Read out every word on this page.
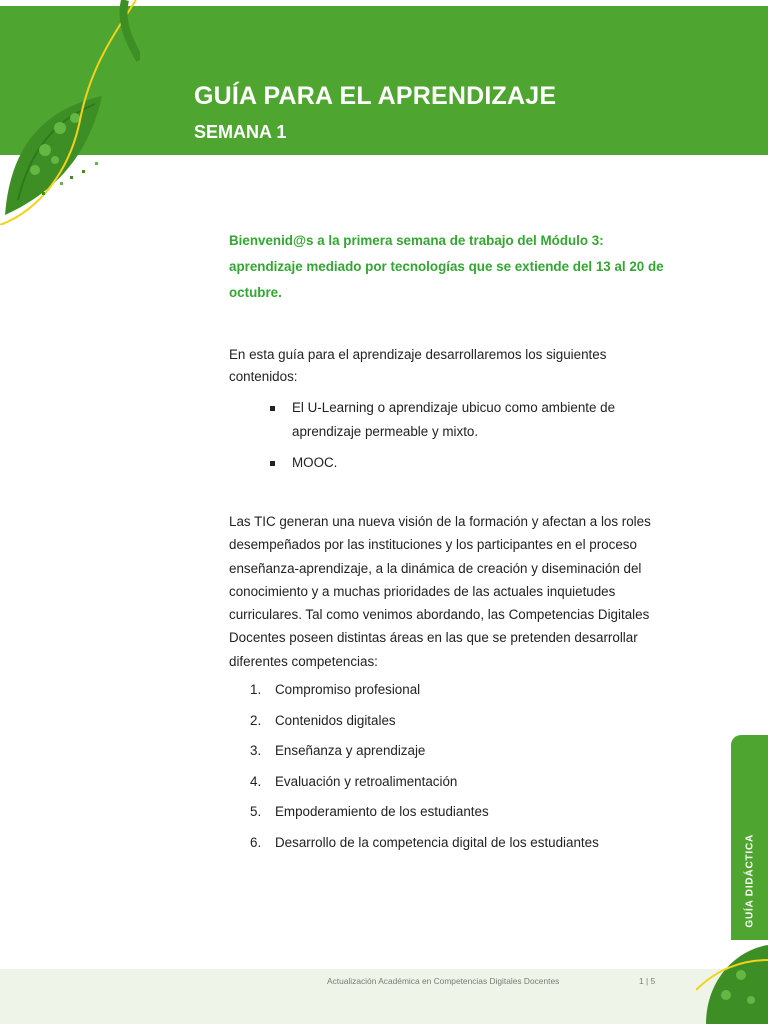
GUÍA PARA EL APRENDIZAJE
SEMANA 1

Bienvenid@s a la primera semana de trabajo del Módulo 3: aprendizaje mediado por tecnologías que se extiende del 13 al 20 de octubre.

En esta guía para el aprendizaje desarrollaremos los siguientes contenidos:

El U-Learning o aprendizaje ubicuo como ambiente de aprendizaje permeable y mixto.
MOOC.

Las TIC generan una nueva visión de la formación y afectan a los roles desempeñados por las instituciones y los participantes en el proceso enseñanza-aprendizaje, a la dinámica de creación y diseminación del conocimiento y a muchas prioridades de las actuales inquietudes curriculares. Tal como venimos abordando, las Competencias Digitales Docentes poseen distintas áreas en las que se pretenden desarrollar diferentes competencias:

1. Compromiso profesional
2. Contenidos digitales
3. Enseñanza y aprendizaje
4. Evaluación y retroalimentación
5. Empoderamiento de los estudiantes
6. Desarrollo de la competencia digital de los estudiantes	GUÍA DIDÁCTICA
Actualización Académica en Competencias Digitales Docentes	1 | 5
